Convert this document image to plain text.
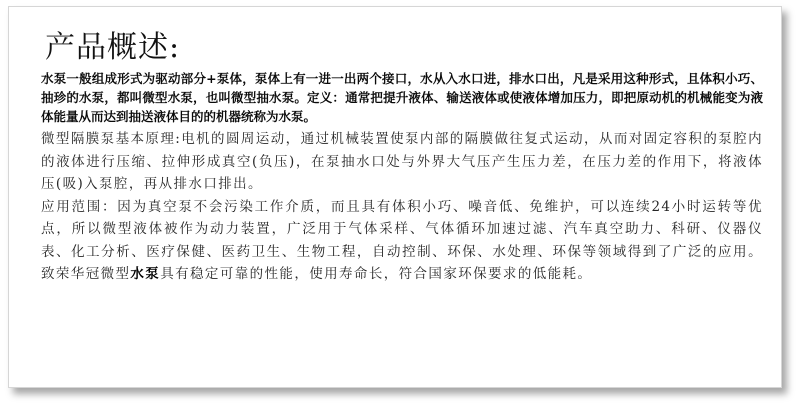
产品概述:

水泵一般组成形式为驱动部分+泵体，泵体上有一进一出两个接口，水从入水口进，排水口出，凡是采用这种形式，且体积小巧、抽珍的水泵，都叫微型水泵，也叫微型抽水泵。定义：通常把提升液体、输送液体或使液体增加压力，即把原动机的机械能变为液体能量从而达到抽送液体目的的机器统称为水泵。

微型隔膜泵基本原理:电机的圆周运动，通过机械装置使泵内部的隔膜做往复式运动，从而对固定容积的泵腔内的液体进行压缩、拉伸形成真空(负压)，在泵抽水口处与外界大气压产生压力差，在压力差的作用下，将液体压(吸)入泵腔，再从排水口排出。

应用范围：因为真空泵不会污染工作介质，而且具有体积小巧、噪音低、免维护，可以连续24小时运转等优点，所以微型液体被作为动力装置，广泛用于气体采样、气体循环加速过滤、汽车真空助力、科研、仪器仪表、化工分析、医疗保健、医药卫生、生物工程，自动控制、环保、水处理、环保等领域得到了广泛的应用。致荣华冠微型水泵具有稳定可靠的性能，使用寿命长，符合国家环保要求的低能耗。
